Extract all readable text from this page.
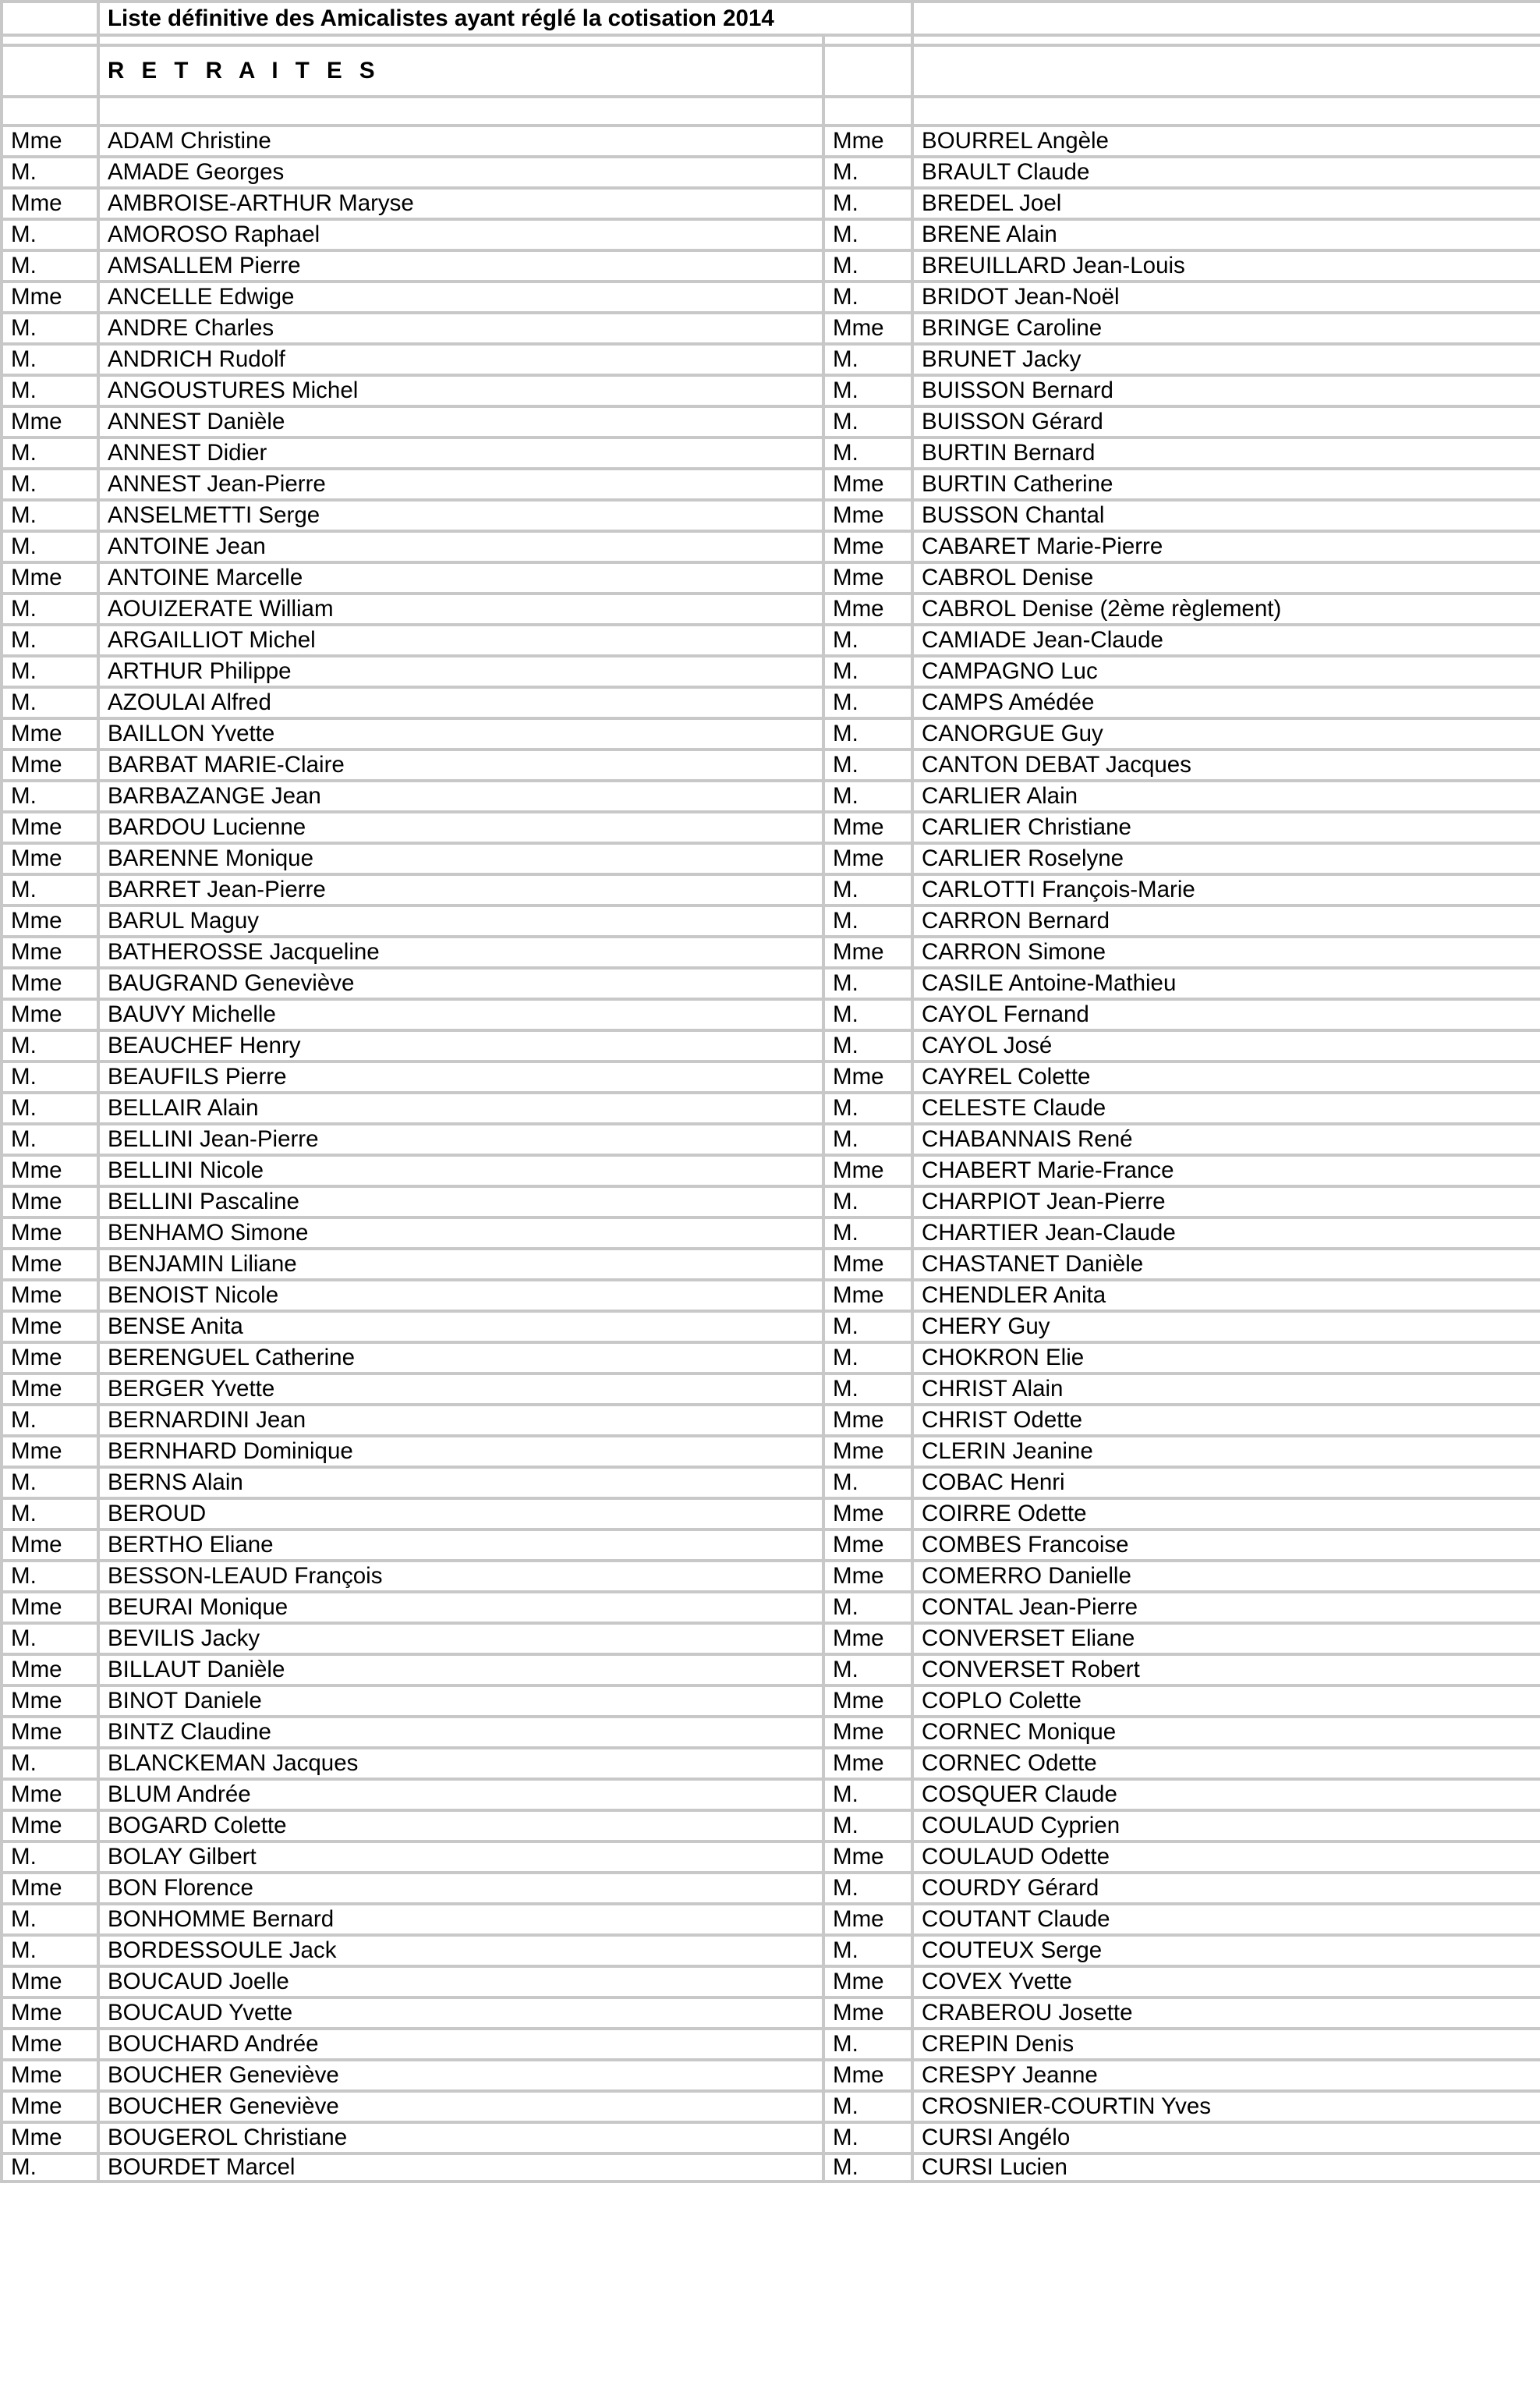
	Liste définitive des Amicalistes ayant réglé la cotisation 2014		

	R E T R A I T E S		

Mme	ADAM Christine	Mme	BOURREL Angèle
M.	AMADE Georges	M.	BRAULT Claude
Mme	AMBROISE-ARTHUR Maryse	M.	BREDEL Joel
M.	AMOROSO Raphael	M.	BRENE Alain
M.	AMSALLEM Pierre	M.	BREUILLARD Jean-Louis
Mme	ANCELLE Edwige	M.	BRIDOT Jean-Noël
M.	ANDRE Charles	Mme	BRINGE Caroline
M.	ANDRICH Rudolf	M.	BRUNET Jacky
M.	ANGOUSTURES Michel	M.	BUISSON Bernard
Mme	ANNEST Danièle	M.	BUISSON Gérard
M.	ANNEST Didier	M.	BURTIN Bernard
M.	ANNEST Jean-Pierre	Mme	BURTIN Catherine
M.	ANSELMETTI Serge	Mme	BUSSON Chantal
M.	ANTOINE Jean	Mme	CABARET Marie-Pierre
Mme	ANTOINE Marcelle	Mme	CABROL Denise
M.	AOUIZERATE William	Mme	CABROL Denise (2ème règlement)
M.	ARGAILLIOT Michel	M.	CAMIADE Jean-Claude
M.	ARTHUR Philippe	M.	CAMPAGNO Luc
M.	AZOULAI Alfred	M.	CAMPS Amédée
Mme	BAILLON Yvette	M.	CANORGUE Guy
Mme	BARBAT MARIE-Claire	M.	CANTON DEBAT Jacques
M.	BARBAZANGE Jean	M.	CARLIER Alain
Mme	BARDOU Lucienne	Mme	CARLIER Christiane
Mme	BARENNE Monique	Mme	CARLIER Roselyne
M.	BARRET Jean-Pierre	M.	CARLOTTI François-Marie
Mme	BARUL Maguy	M.	CARRON Bernard
Mme	BATHEROSSE Jacqueline	Mme	CARRON Simone
Mme	BAUGRAND Geneviève	M.	CASILE Antoine-Mathieu
Mme	BAUVY Michelle	M.	CAYOL Fernand
M.	BEAUCHEF Henry	M.	CAYOL José
M.	BEAUFILS Pierre	Mme	CAYREL Colette
M.	BELLAIR Alain	M.	CELESTE Claude
M.	BELLINI Jean-Pierre	M.	CHABANNAIS René
Mme	BELLINI Nicole	Mme	CHABERT Marie-France
Mme	BELLINI Pascaline	M.	CHARPIOT Jean-Pierre
Mme	BENHAMO Simone	M.	CHARTIER Jean-Claude
Mme	BENJAMIN Liliane	Mme	CHASTANET Danièle
Mme	BENOIST Nicole	Mme	CHENDLER Anita
Mme	BENSE Anita	M.	CHERY Guy
Mme	BERENGUEL Catherine	M.	CHOKRON Elie
Mme	BERGER Yvette	M.	CHRIST Alain
M.	BERNARDINI Jean	Mme	CHRIST Odette
Mme	BERNHARD Dominique	Mme	CLERIN Jeanine
M.	BERNS Alain	M.	COBAC Henri
M.	BEROUD	Mme	COIRRE Odette
Mme	BERTHO Eliane	Mme	COMBES Francoise
M.	BESSON-LEAUD François	Mme	COMERRO Danielle
Mme	BEURAI Monique	M.	CONTAL Jean-Pierre
M.	BEVILIS Jacky	Mme	CONVERSET Eliane
Mme	BILLAUT Danièle	M.	CONVERSET Robert
Mme	BINOT Daniele	Mme	COPLO Colette
Mme	BINTZ Claudine	Mme	CORNEC Monique
M.	BLANCKEMAN Jacques	Mme	CORNEC Odette
Mme	BLUM Andrée	M.	COSQUER Claude
Mme	BOGARD Colette	M.	COULAUD Cyprien
M.	BOLAY Gilbert	Mme	COULAUD Odette
Mme	BON Florence	M.	COURDY Gérard
M.	BONHOMME Bernard	Mme	COUTANT Claude
M.	BORDESSOULE Jack	M.	COUTEUX Serge
Mme	BOUCAUD Joelle	Mme	COVEX Yvette
Mme	BOUCAUD Yvette	Mme	CRABEROU Josette
Mme	BOUCHARD Andrée	M.	CREPIN Denis
Mme	BOUCHER Geneviève	Mme	CRESPY Jeanne
Mme	BOUCHER Geneviève	M.	CROSNIER-COURTIN Yves
Mme	BOUGEROL Christiane	M.	CURSI Angélo
M.	BOURDET Marcel	M.	CURSI Lucien
